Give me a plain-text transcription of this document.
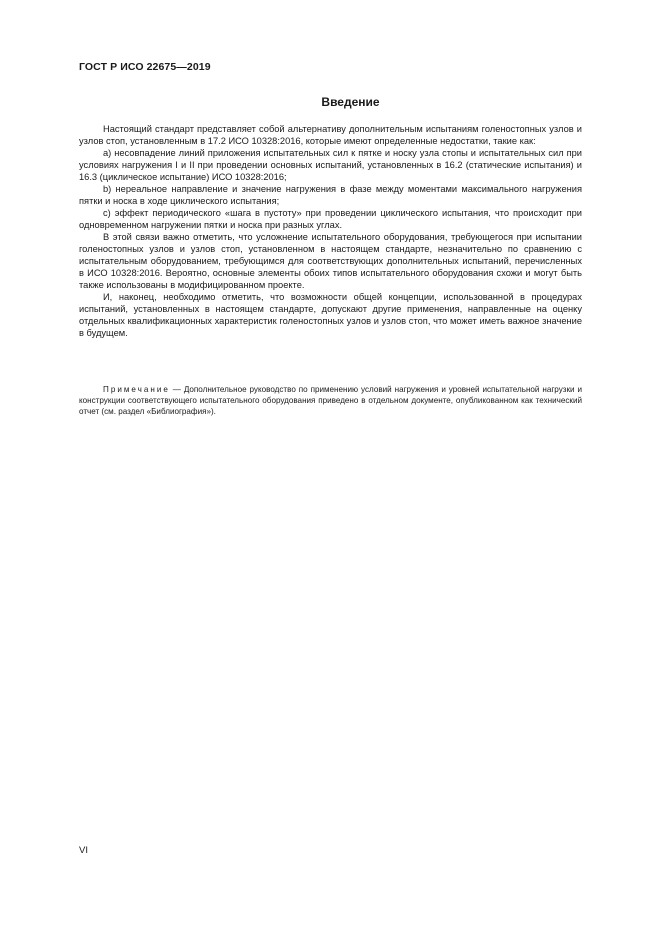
ГОСТ Р ИСО 22675—2019
Введение

Настоящий стандарт представляет собой альтернативу дополнительным испытаниям голеностопных узлов и узлов стоп, установленным в 17.2 ИСО 10328:2016, которые имеют определенные недостатки, такие как:

a) несовпадение линий приложения испытательных сил к пятке и носку узла стопы и испытательных сил при условиях нагружения I и II при проведении основных испытаний, установленных в 16.2 (статические испытания) и 16.3 (циклическое испытание) ИСО 10328:2016;

b) нереальное направление и значение нагружения в фазе между моментами максимального нагружения пятки и носка в ходе циклического испытания;

c) эффект периодического «шага в пустоту» при проведении циклического испытания, что происходит при одновременном нагружении пятки и носка при разных углах.

В этой связи важно отметить, что усложнение испытательного оборудования, требующегося при испытании голеностопных узлов и узлов стоп, установленном в настоящем стандарте, незначительно по сравнению с испытательным оборудованием, требующимся для соответствующих дополнительных испытаний, перечисленных в ИСО 10328:2016. Вероятно, основные элементы обоих типов испытательного оборудования схожи и могут быть также использованы в модифицированном проекте.

И, наконец, необходимо отметить, что возможности общей концепции, использованной в процедурах испытаний, установленных в настоящем стандарте, допускают другие применения, направленные на оценку отдельных квалификационных характеристик голеностопных узлов и узлов стоп, что может иметь важное значение в будущем.

Примечание — Дополнительное руководство по применению условий нагружения и уровней испытательной нагрузки и конструкции соответствующего испытательного оборудования приведено в отдельном документе, опубликованном как технический отчет (см. раздел «Библиография»).

VI
